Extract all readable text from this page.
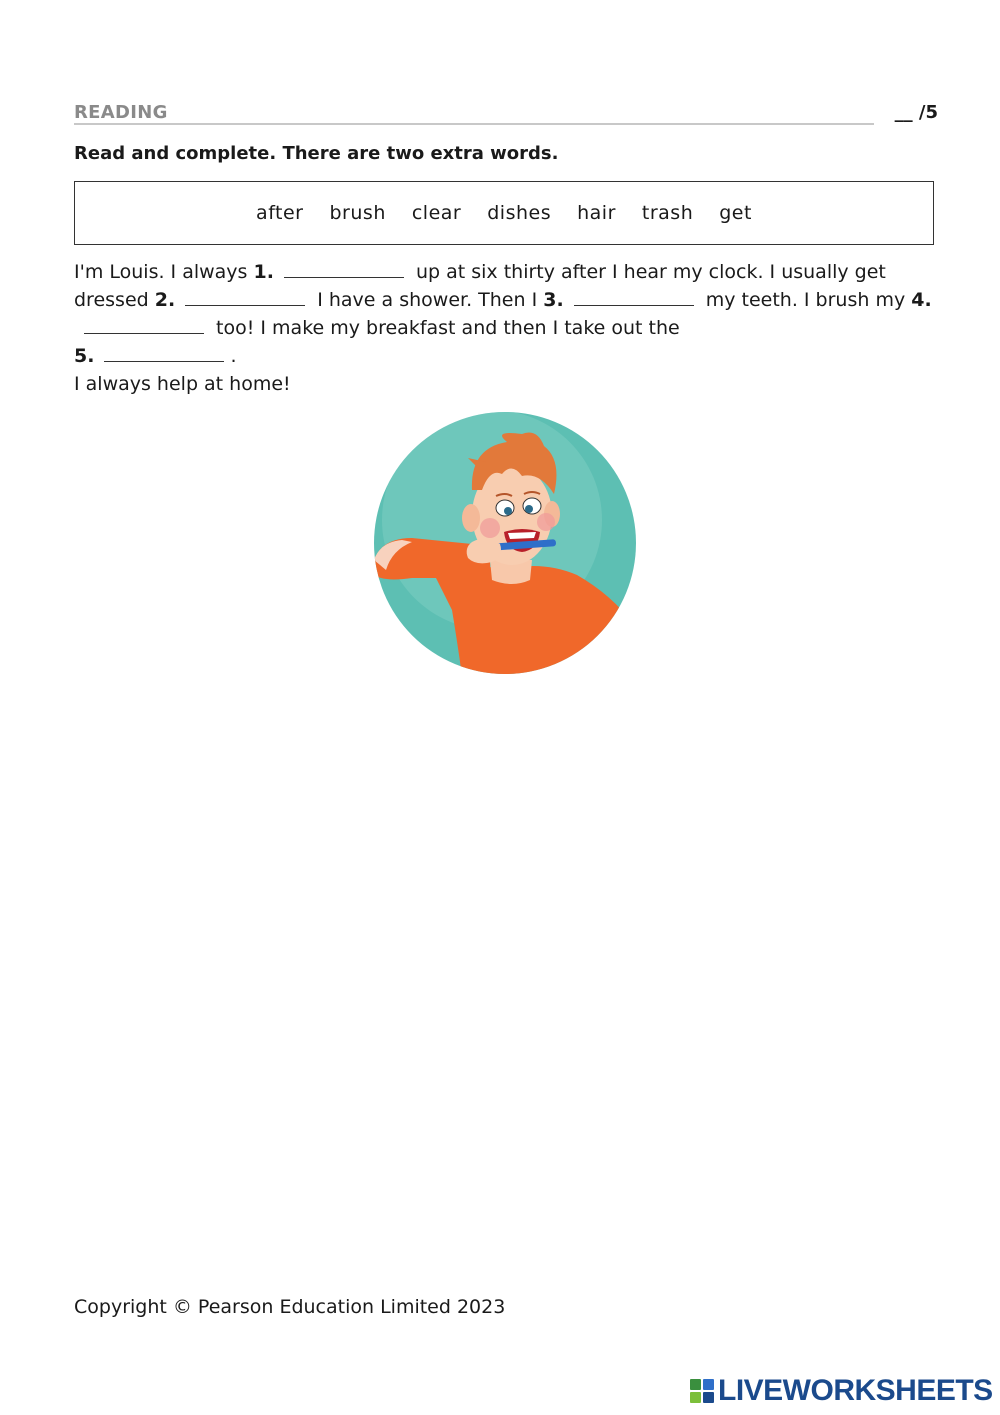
READING	__ /5
Read and complete. There are two extra words.
after brush clear dishes hair trash get
I'm Louis. I always 1.	up at six thirty after I hear my clock. I usually get dressed 2.	I have a shower. Then I 3.	my teeth. I brush my 4. too! I make my breakfast and then I take out the
5.	.
I always help at home!
Copyright © Pearson Education Limited 2023
LIVEWORKSHEETS
